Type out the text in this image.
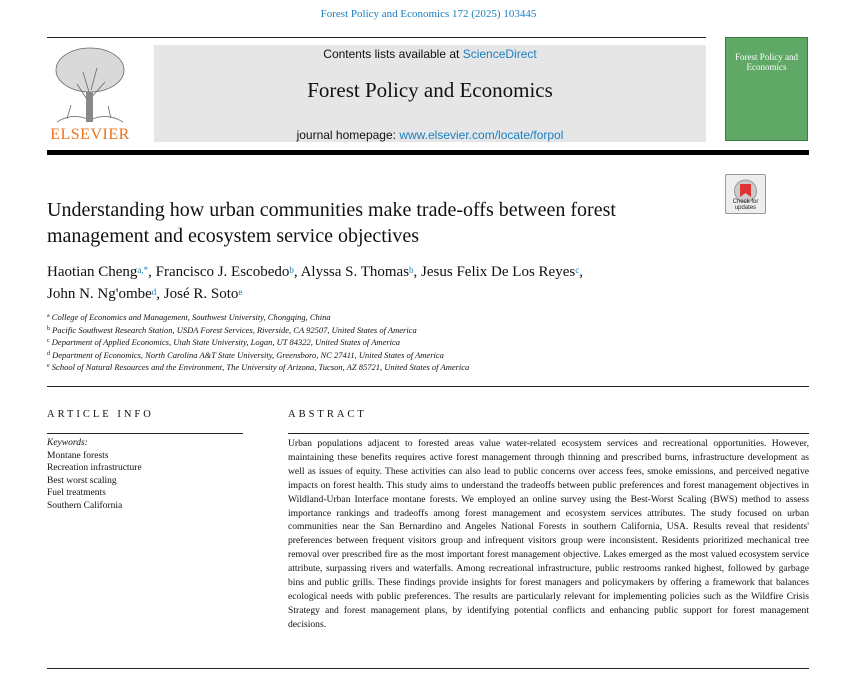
Forest Policy and Economics 172 (2025) 103445
ELSEVIER
Contents lists available at ScienceDirect
Forest Policy and Economics
journal homepage: www.elsevier.com/locate/forpol
Forest Policy and Economics
Check for updates
Understanding how urban communities make trade-offs between forest management and ecosystem service objectives
Haotian Cheng$^{a,*}$, Francisco J. Escobedo$^b$, Alyssa S. Thomas$^b$, Jesus Felix De Los Reyes$^c$,
John N. Ng'ombe$^d$, José R. Soto$^e$
$^a$ College of Economics and Management, Southwest University, Chongqing, China
$^b$ Pacific Southwest Research Station, USDA Forest Services, Riverside, CA 92507, United States of America
$^c$ Department of Applied Economics, Utah State University, Logan, UT 84322, United States of America
$^d$ Department of Economics, North Carolina A&T State University, Greensboro, NC 27411, United States of America
$^e$ School of Natural Resources and the Environment, The University of Arizona, Tucson, AZ 85721, United States of America
ARTICLE INFO	ABSTRACT
Keywords:
Montane forests
Recreation infrastructure
Best worst scaling
Fuel treatments
Southern California
Urban populations adjacent to forested areas value water-related ecosystem services and recreational opportunities. However, maintaining these benefits requires active forest management through thinning and prescribed burns, infrastructure development as well as issues of equity. These activities can also lead to public concerns over access fees, smoke emissions, and perceived negative impacts on forest health. This study aims to understand the tradeoffs between public preferences and forest management objectives in Wildland-Urban Interface montane forests. We employed an online survey using the Best-Worst Scaling (BWS) method to assess importance rankings and tradeoffs among forest management and ecosystem services attributes. The study focused on urban communities near the San Bernardino and Angeles National Forests in southern California, USA. Results reveal that residents' preferences between frequent visitors group and infrequent visitors group were inconsistent. Residents prioritized mechanical tree removal over prescribed fire as the most important forest management objective. Lakes emerged as the most valued ecosystem service attribute, surpassing rivers and waterfalls. Among recreational infrastructure, public restrooms ranked highest, followed by garbage bins and public grills. These findings provide insights for forest managers and policymakers by offering a framework that balances ecological needs with public preferences. The results are particularly relevant for implementing policies such as the Wildfire Crisis Strategy and forest management plans, by identifying potential conflicts and enhancing public support for forest management decisions.
